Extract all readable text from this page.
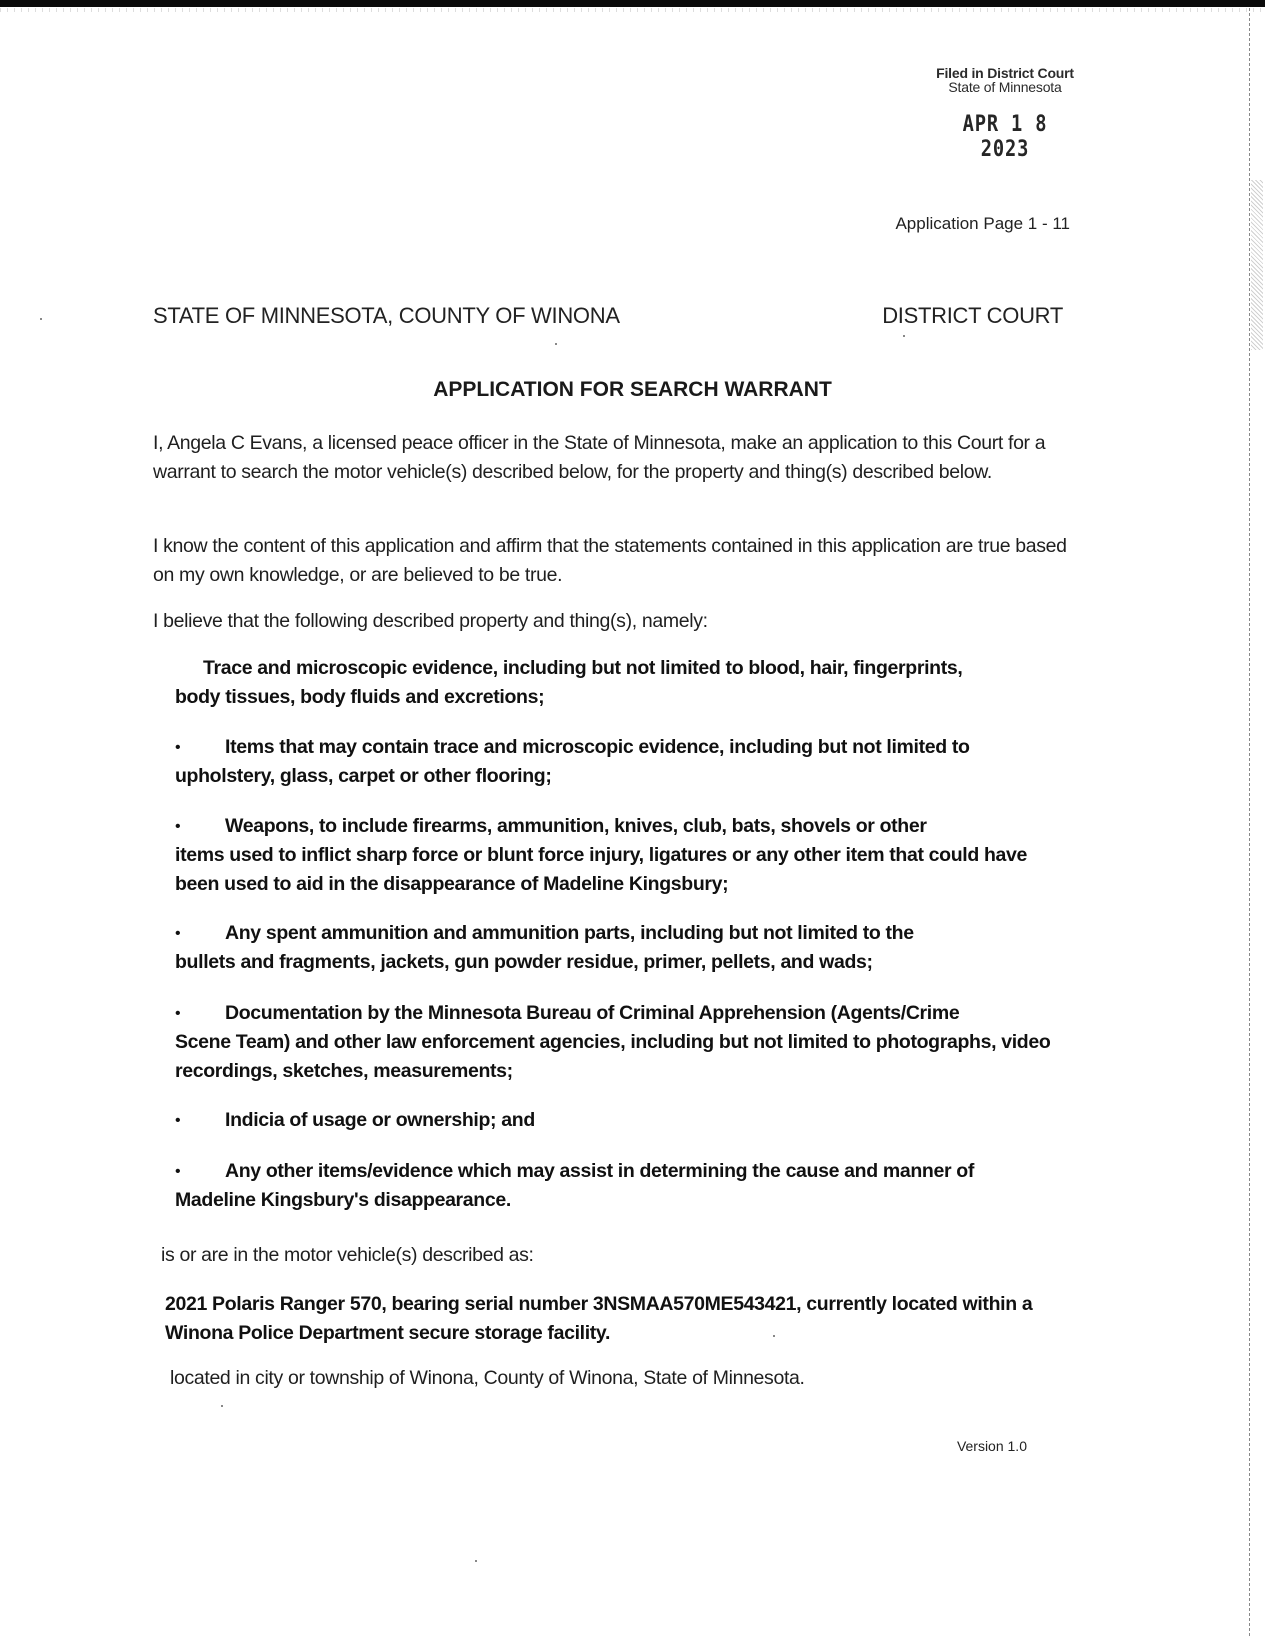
Filed in District Court
State of Minnesota
APR 1 8 2023
Application Page 1 - 11
STATE OF MINNESOTA, COUNTY OF WINONA	DISTRICT COURT
APPLICATION FOR SEARCH WARRANT
I, Angela C Evans, a licensed peace officer in the State of Minnesota, make an application to this Court for a warrant to search the motor vehicle(s) described below, for the property and thing(s) described below.
I know the content of this application and affirm that the statements contained in this application are true based on my own knowledge, or are believed to be true.
I believe that the following described property and thing(s), namely:
Trace and microscopic evidence, including but not limited to blood, hair, fingerprints,
body tissues, body fluids and excretions;
•	Items that may contain trace and microscopic evidence, including but not limited to
upholstery, glass, carpet or other flooring;
•	Weapons, to include firearms, ammunition, knives, club, bats, shovels or other
items used to inflict sharp force or blunt force injury, ligatures or any other item that could have been used to aid in the disappearance of Madeline Kingsbury;
•	Any spent ammunition and ammunition parts, including but not limited to the
bullets and fragments, jackets, gun powder residue, primer, pellets, and wads;
•	Documentation by the Minnesota Bureau of Criminal Apprehension (Agents/Crime
Scene Team) and other law enforcement agencies, including but not limited to photographs, video recordings, sketches, measurements;
•	Indicia of usage or ownership; and
•	Any other items/evidence which may assist in determining the cause and manner of
Madeline Kingsbury's disappearance.
is or are in the motor vehicle(s) described as:
2021 Polaris Ranger 570, bearing serial number 3NSMAA570ME543421, currently located within a Winona Police Department secure storage facility.
located in city or township of Winona, County of Winona, State of Minnesota.
Version 1.0
